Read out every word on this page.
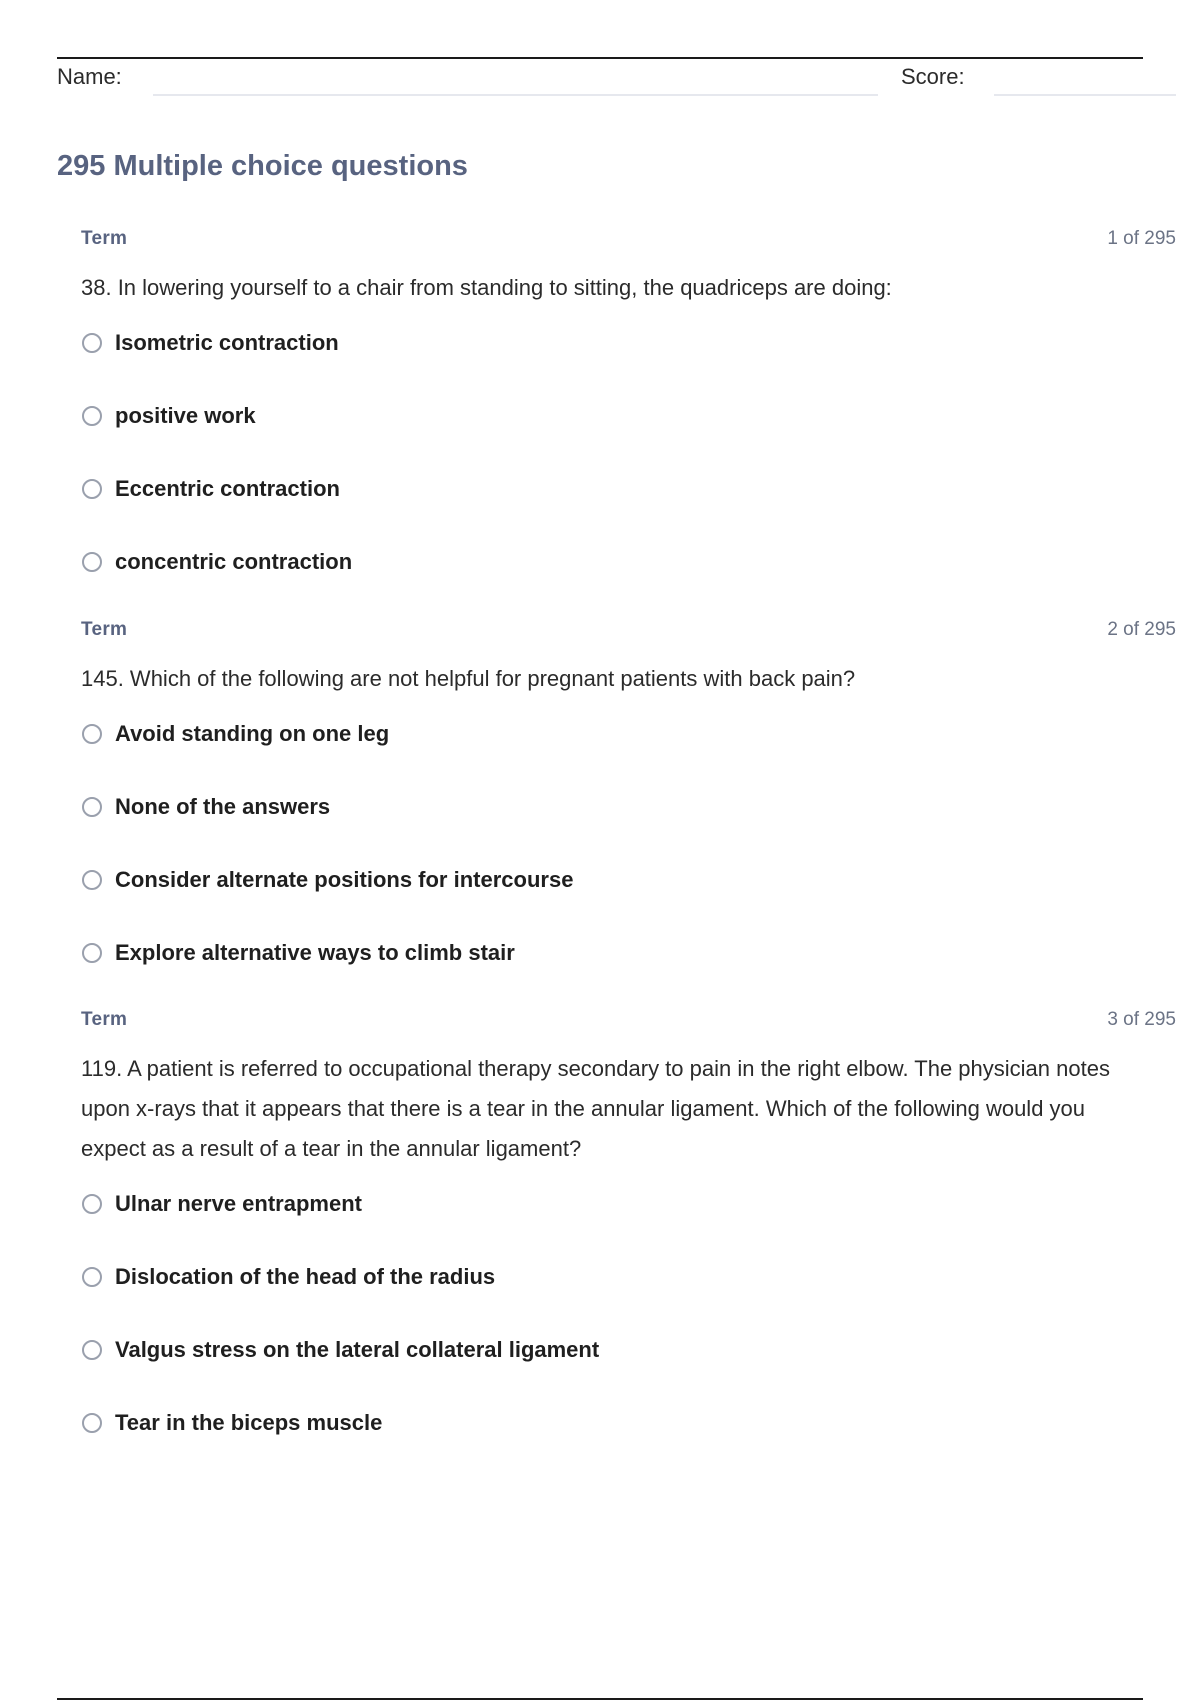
Name:	Score:
295 Multiple choice questions
Term	1 of 295
38. In lowering yourself to a chair from standing to sitting, the quadriceps are doing:
Isometric contraction
positive work
Eccentric contraction
concentric contraction
Term	2 of 295
145. Which of the following are not helpful for pregnant patients with back pain?
Avoid standing on one leg
None of the answers
Consider alternate positions for intercourse
Explore alternative ways to climb stair
Term	3 of 295
119. A patient is referred to occupational therapy secondary to pain in the right elbow. The physician notes upon x-rays that it appears that there is a tear in the annular ligament. Which of the following would you expect as a result of a tear in the annular ligament?
Ulnar nerve entrapment
Dislocation of the head of the radius
Valgus stress on the lateral collateral ligament
Tear in the biceps muscle
